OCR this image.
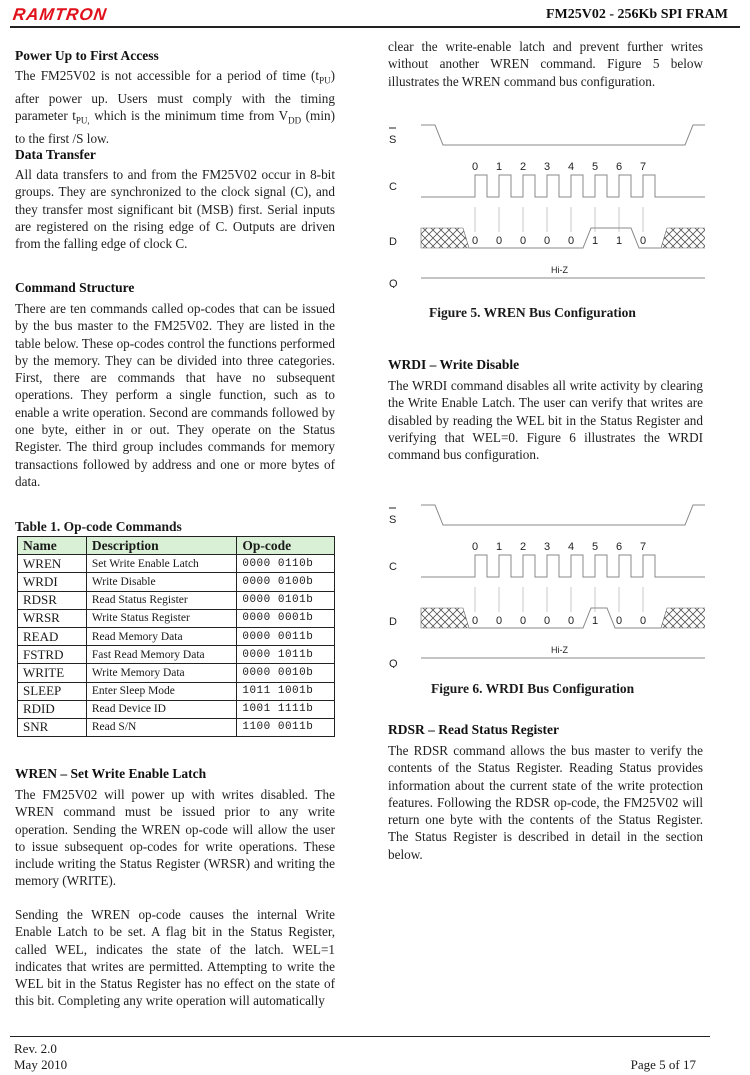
RAMTRON	FM25V02 - 256Kb SPI FRAM
Power Up to First Access
The FM25V02 is not accessible for a period of time $(t_{PU})$ after power up. Users must comply with the timing parameter $t_{PU,}$ which is the minimum time from $V_{DD}$ (min) to the first /S low.
Data Transfer
All data transfers to and from the FM25V02 occur in 8-bit groups. They are synchronized to the clock signal (C), and they transfer most significant bit (MSB) first. Serial inputs are registered on the rising edge of C. Outputs are driven from the falling edge of clock C.
Command Structure
There are ten commands called op-codes that can be issued by the bus master to the FM25V02. They are listed in the table below. These op-codes control the functions performed by the memory. They can be divided into three categories. First, there are commands that have no subsequent operations. They perform a single function, such as to enable a write operation. Second are commands followed by one byte, either in or out. They operate on the Status Register. The third group includes commands for memory transactions followed by address and one or more bytes of data.
Table 1. Op-code Commands
Name	Description	Op-code
WREN	Set Write Enable Latch	0000 0110b
WRDI	Write Disable	0000 0100b
RDSR	Read Status Register	0000 0101b
WRSR	Write Status Register	0000 0001b
READ	Read Memory Data	0000 0011b
FSTRD	Fast Read Memory Data	0000 1011b
WRITE	Write Memory Data	0000 0010b
SLEEP	Enter Sleep Mode	1011 1001b
RDID	Read Device ID	1001 1111b
SNR	Read S/N	1100 0011b
WREN – Set Write Enable Latch
The FM25V02 will power up with writes disabled. The WREN command must be issued prior to any write operation. Sending the WREN op-code will allow the user to issue subsequent op-codes for write operations. These include writing the Status Register (WRSR) and writing the memory (WRITE).
Sending the WREN op-code causes the internal Write Enable Latch to be set. A flag bit in the Status Register, called WEL, indicates the state of the latch. WEL=1 indicates that writes are permitted. Attempting to write the WEL bit in the Status Register has no effect on the state of this bit. Completing any write operation will automatically
clear the write-enable latch and prevent further writes without another WREN command. Figure 5 below illustrates the WREN command bus configuration.
S
C
D
Q
0 1 2 3 4 5 6 7
0 0 0 0 0 1 1 0
Hi-Z
Figure 5. WREN Bus Configuration
WRDI – Write Disable
The WRDI command disables all write activity by clearing the Write Enable Latch. The user can verify that writes are disabled by reading the WEL bit in the Status Register and verifying that WEL=0. Figure 6 illustrates the WRDI command bus configuration.
S
C
D
Q
0 1 2 3 4 5 6 7
0 0 0 0 0 1 0 0
Hi-Z
Figure 6. WRDI Bus Configuration
RDSR – Read Status Register
The RDSR command allows the bus master to verify the contents of the Status Register. Reading Status provides information about the current state of the write protection features. Following the RDSR op-code, the FM25V02 will return one byte with the contents of the Status Register. The Status Register is described in detail in the section below.
Rev. 2.0
May 2010	Page 5 of 17
